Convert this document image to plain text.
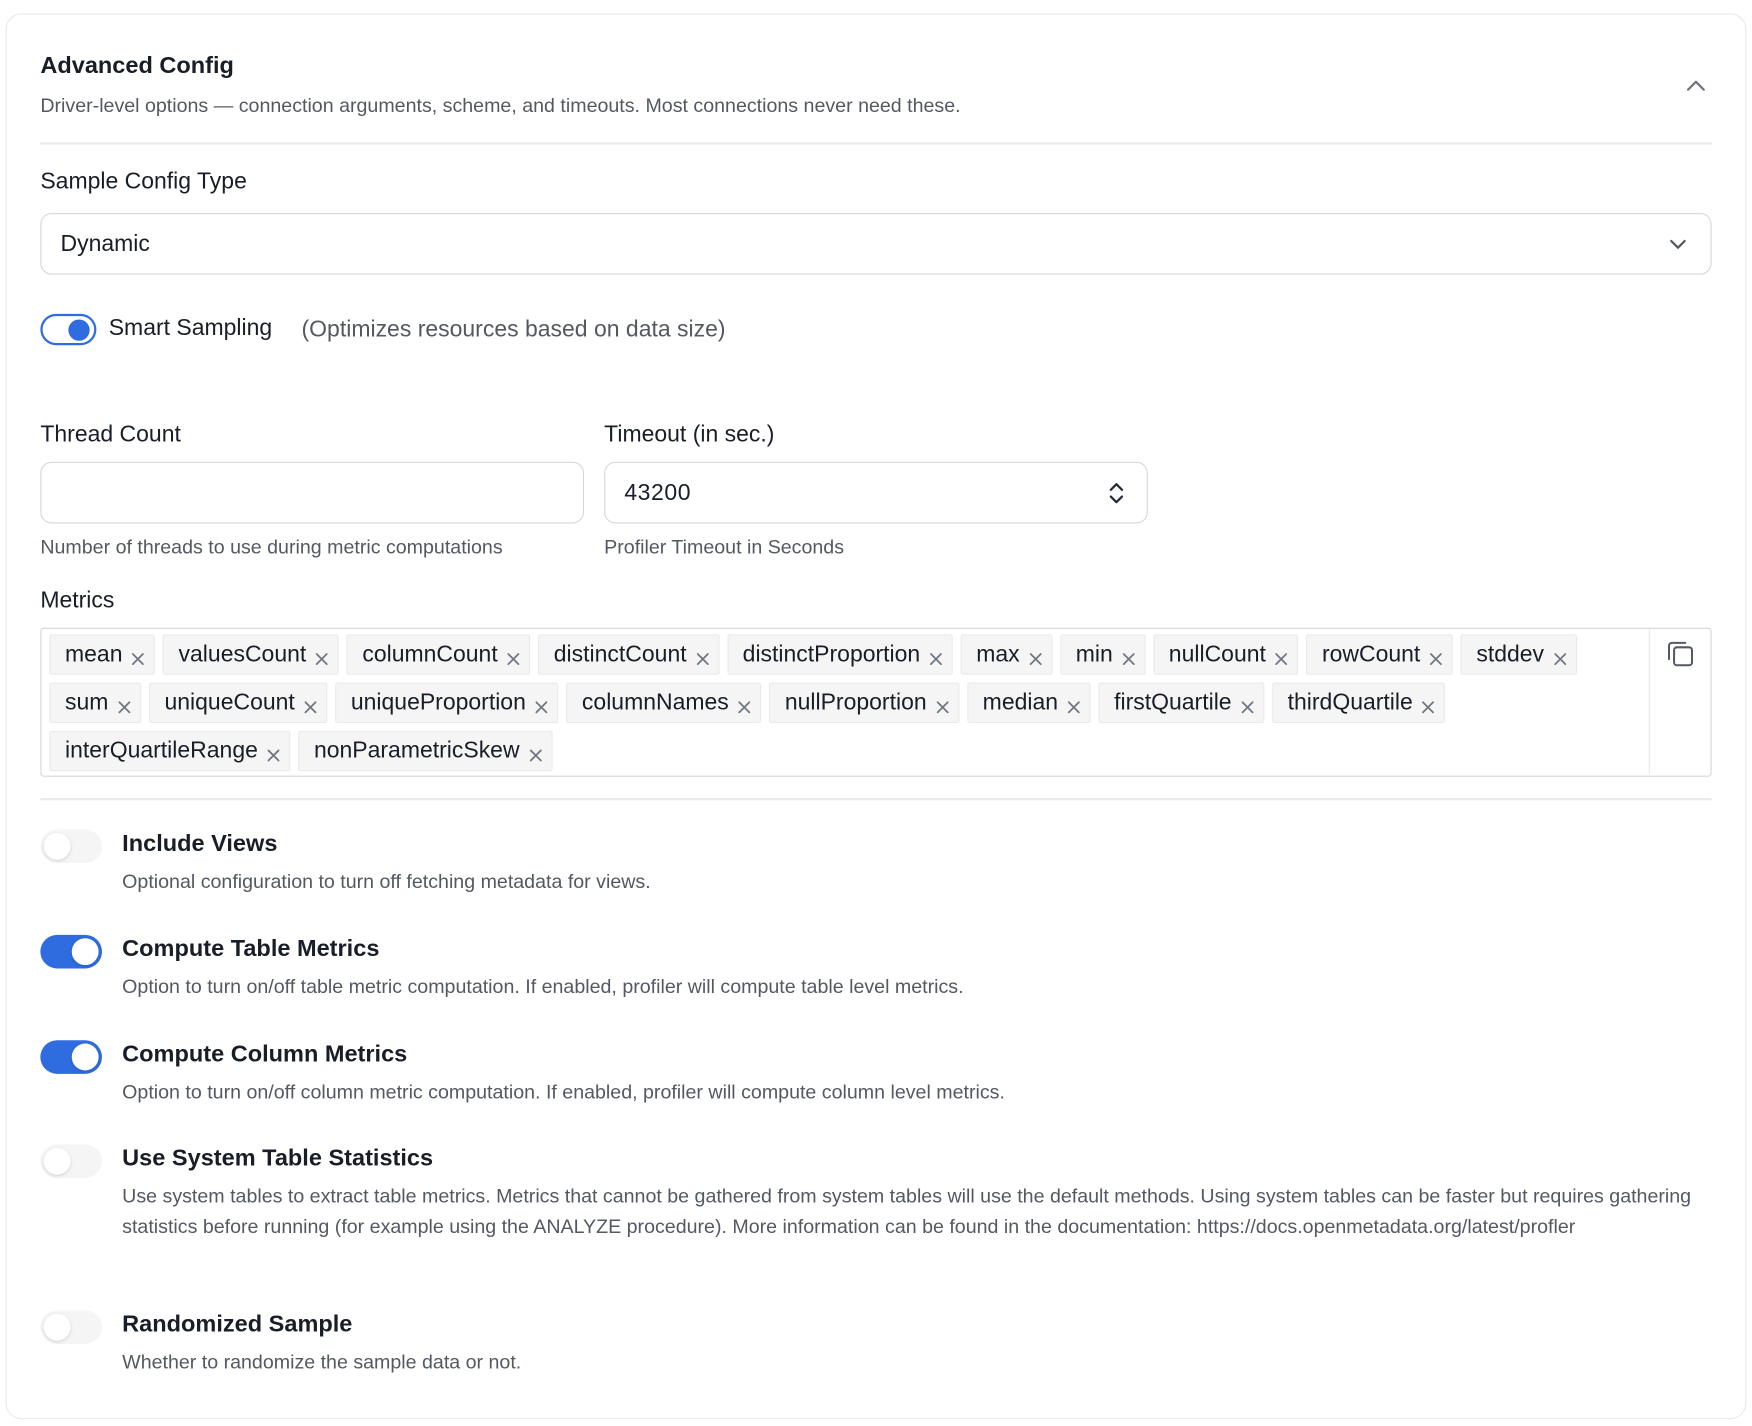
Advanced Config
Driver-level options — connection arguments, scheme, and timeouts. Most connections never need these.
Sample Config Type
Dynamic
Smart Sampling (Optimizes resources based on data size)
Thread Count
Number of threads to use during metric computations
Timeout (in sec.)
43200
Profiler Timeout in Seconds
Metrics
mean	valuesCount	columnCount	distinctCount	distinctProportion	max	min	nullCount	rowCount	stddev
sum	uniqueCount	uniqueProportion	columnNames	nullProportion	median	firstQuartile	thirdQuartile
interQuartileRange	nonParametricSkew
Include Views
Optional configuration to turn off fetching metadata for views.
Compute Table Metrics
Option to turn on/off table metric computation. If enabled, profiler will compute table level metrics.
Compute Column Metrics
Option to turn on/off column metric computation. If enabled, profiler will compute column level metrics.
Use System Table Statistics
Use system tables to extract table metrics. Metrics that cannot be gathered from system tables will use the default methods. Using system tables can be faster but requires gathering statistics before running (for example using the ANALYZE procedure). More information can be found in the documentation: https://docs.openmetadata.org/latest/profler
Randomized Sample
Whether to randomize the sample data or not.
